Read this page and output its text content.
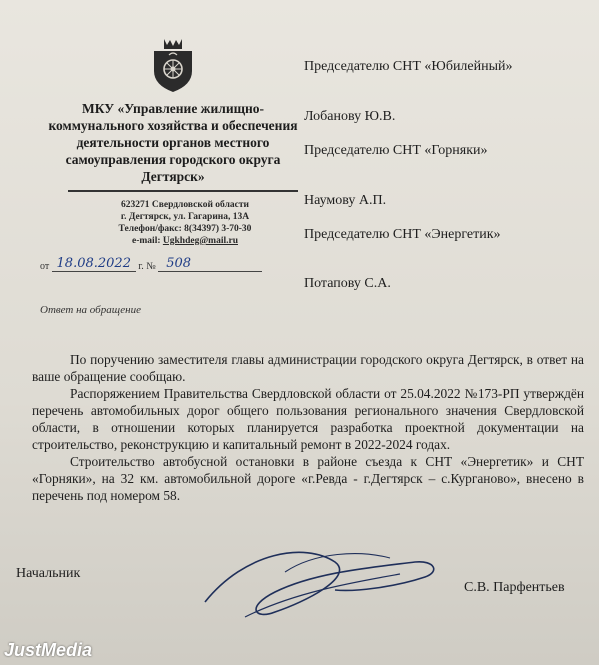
МКУ «Управление жилищно-коммунального хозяйства и обеспечения деятельности органов местного самоуправления городского округа Дегтярск»
623271 Свердловской области
г. Дегтярск, ул. Гагарина, 13А
Телефон/факс: 8(34397) 3-70-30
e-mail: Ugkhdeg@mail.ru
от 18.08.2022 г. № 508
Ответ на обращение
Председателю СНТ «Юбилейный»
Лобанову Ю.В.
Председателю СНТ «Горняки»
Наумову А.П.
Председателю СНТ «Энергетик»
Потапову С.А.

По поручению заместителя главы администрации городского округа Дегтярск, в ответ на ваше обращение сообщаю.

Распоряжением Правительства Свердловской области от 25.04.2022 №173-РП утверждён перечень автомобильных дорог общего пользования регионального значения Свердловской области, в отношении которых планируется разработка проектной документации на строительство, реконструкцию и капитальный ремонт в 2022-2024 годах.

Строительство автобусной остановки в районе съезда к СНТ «Энергетик» и СНТ «Горняки», на 32 км. автомобильной дороге «г.Ревда - г.Дегтярск – с.Курганово», внесено в перечень под номером 58.

Начальник
С.В. Парфентьев
JustMedia
